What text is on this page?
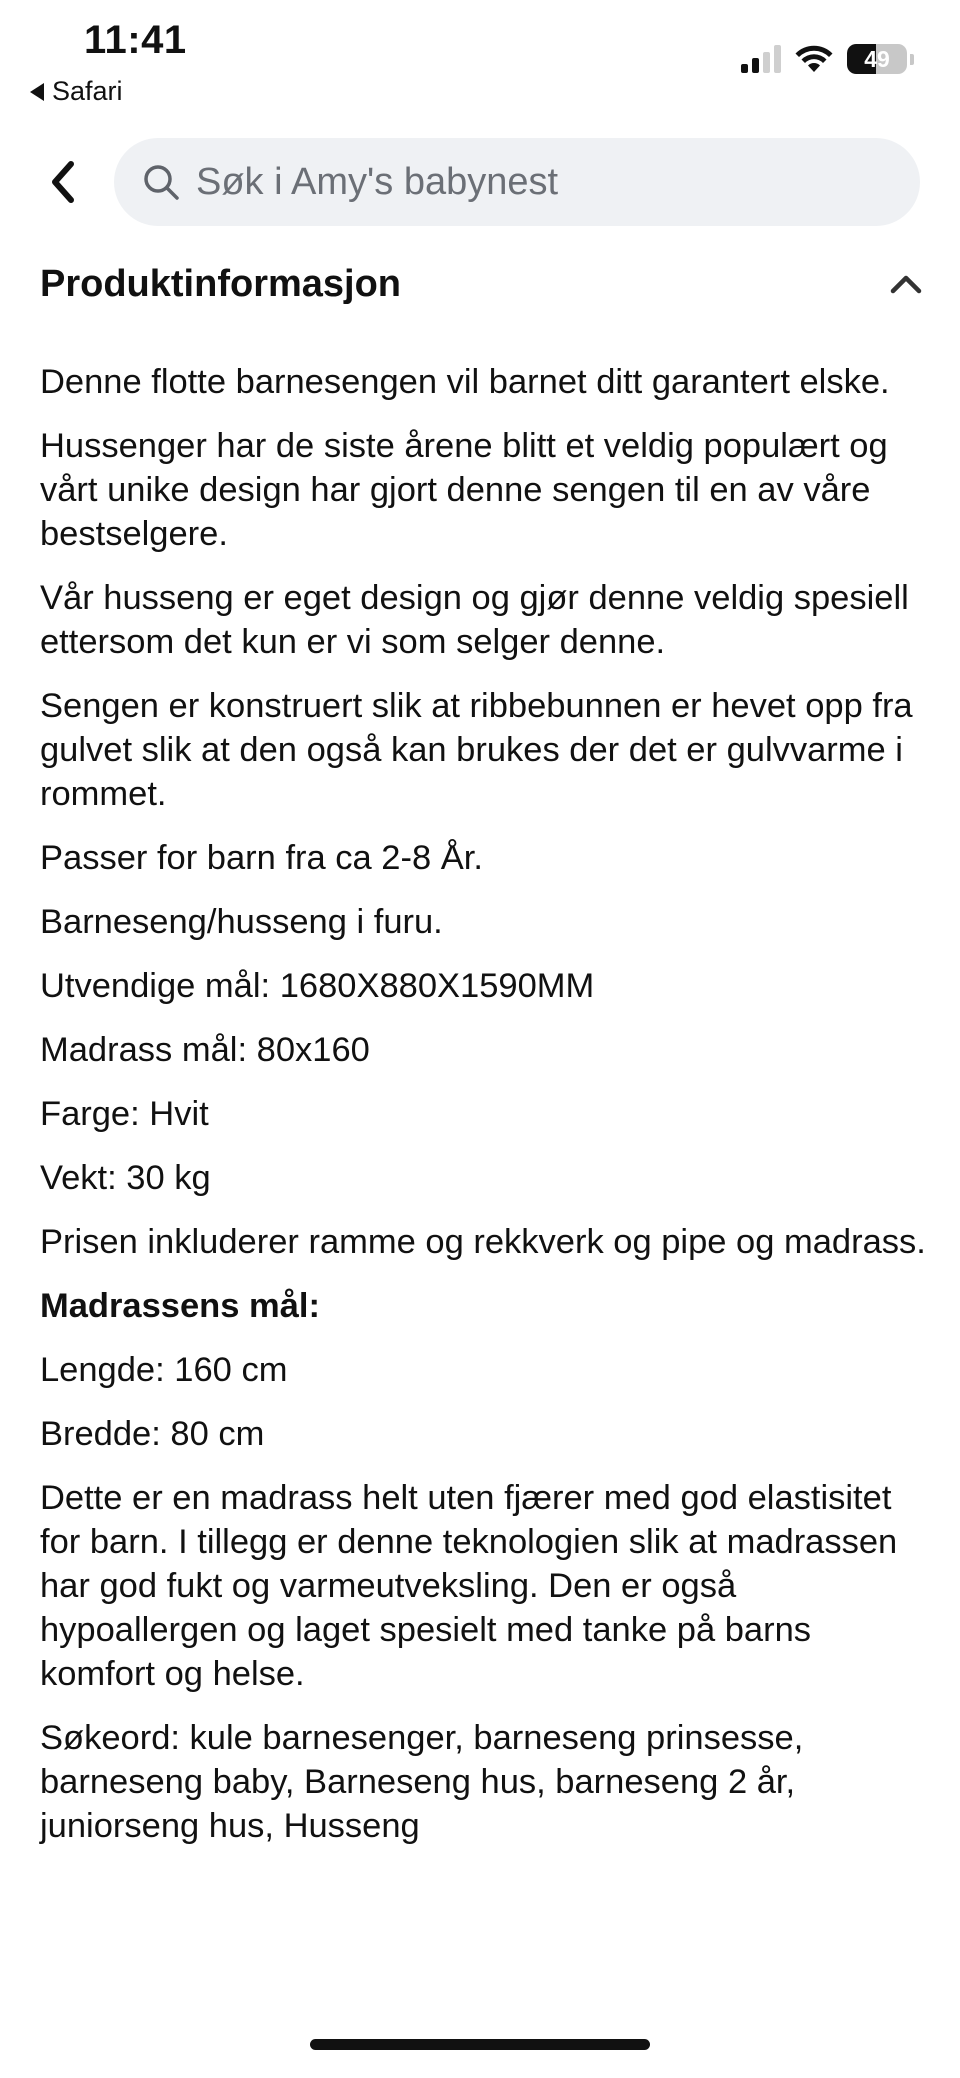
11:41
Safari
49
Søk i Amy's babynest
Produktinformasjon

Denne flotte barnesengen vil barnet ditt garantert elske.

Hussenger har de siste årene blitt et veldig populært og vårt unike design har gjort denne sengen til en av våre bestselgere.

Vår husseng er eget design og gjør denne veldig spesiell ettersom det kun er vi som selger denne.

Sengen er konstruert slik at ribbebunnen er hevet opp fra gulvet slik at den også kan brukes der det er gulvvarme i rommet.

Passer for barn fra ca 2-8 År.

Barneseng/husseng i furu.

Utvendige mål: 1680X880X1590MM

Madrass mål: 80x160

Farge: Hvit

Vekt: 30 kg

Prisen inkluderer ramme og rekkverk og pipe og madrass.

Madrassens mål:

Lengde: 160 cm

Bredde: 80 cm

Dette er en madrass helt uten fjærer med god elastisitet for barn. I tillegg er denne teknologien slik at madrassen har god fukt og varmeutveksling. Den er også hypoallergen og laget spesielt med tanke på barns komfort og helse.

Søkeord: kule barnesenger, barneseng prinsesse, barneseng baby, Barneseng hus, barneseng 2 år, juniorseng hus, Husseng
